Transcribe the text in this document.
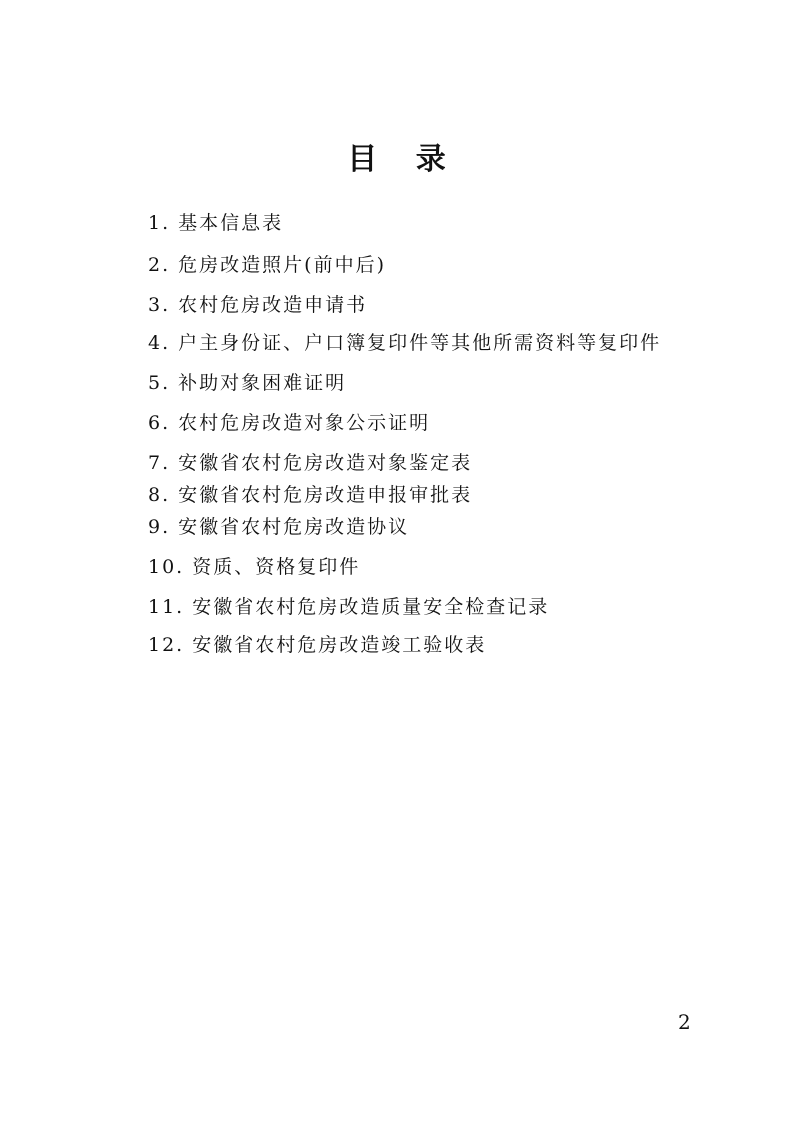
目 录
1. 基本信息表
2. 危房改造照片(前中后)
3. 农村危房改造申请书
4. 户主身份证、户口簿复印件等其他所需资料等复印件
5. 补助对象困难证明
6. 农村危房改造对象公示证明
7. 安徽省农村危房改造对象鉴定表
8. 安徽省农村危房改造申报审批表
9. 安徽省农村危房改造协议
10. 资质、资格复印件
11. 安徽省农村危房改造质量安全检查记录
12. 安徽省农村危房改造竣工验收表
2
